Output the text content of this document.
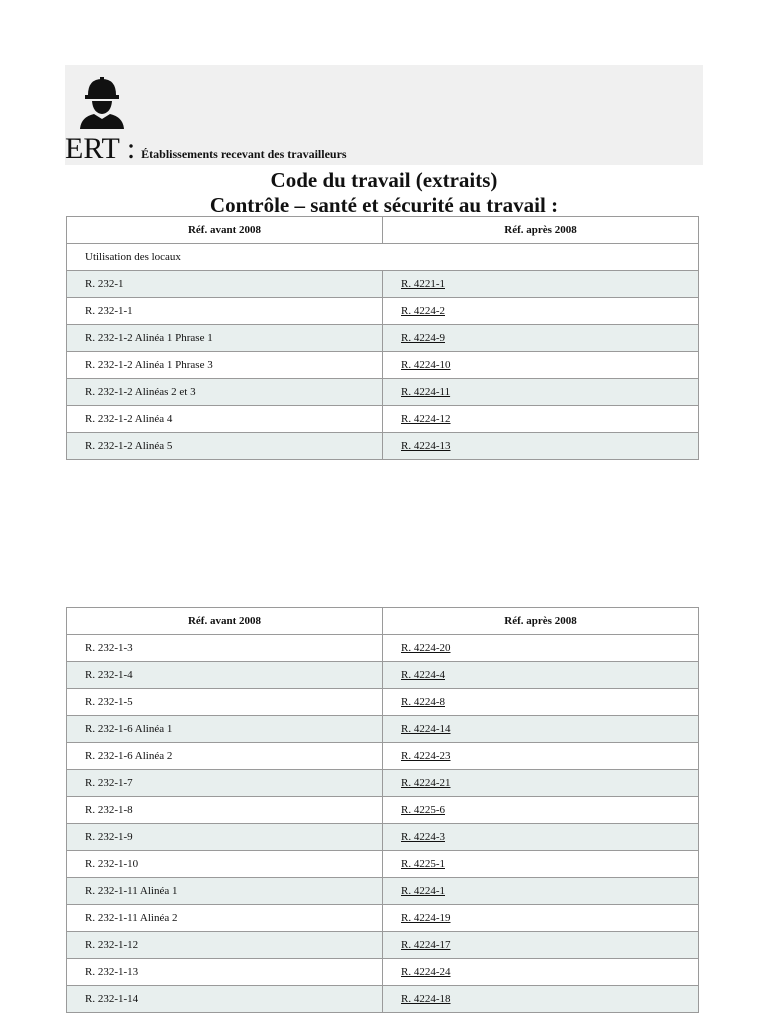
ERT : Établissements recevant des travailleurs
Code du travail (extraits)
Contrôle – santé et sécurité au travail :
Réf. avant 2008	Réf. après 2008
Utilisation des locaux	
R. 232-1	R. 4221-1
R. 232-1-1	R. 4224-2
R. 232-1-2 Alinéa 1 Phrase 1	R. 4224-9
R. 232-1-2 Alinéa 1 Phrase 3	R. 4224-10
R. 232-1-2 Alinéas 2 et 3	R. 4224-11
R. 232-1-2 Alinéa 4	R. 4224-12
R. 232-1-2 Alinéa 5	R. 4224-13
Réf. avant 2008	Réf. après 2008
R. 232-1-3	R. 4224-20
R. 232-1-4	R. 4224-4
R. 232-1-5	R. 4224-8
R. 232-1-6 Alinéa 1	R. 4224-14
R. 232-1-6 Alinéa 2	R. 4224-23
R. 232-1-7	R. 4224-21
R. 232-1-8	R. 4225-6
R. 232-1-9	R. 4224-3
R. 232-1-10	R. 4225-1
R. 232-1-11 Alinéa 1	R. 4224-1
R. 232-1-11 Alinéa 2	R. 4224-19
R. 232-1-12	R. 4224-17
R. 232-1-13	R. 4224-24
R. 232-1-14	R. 4224-18
